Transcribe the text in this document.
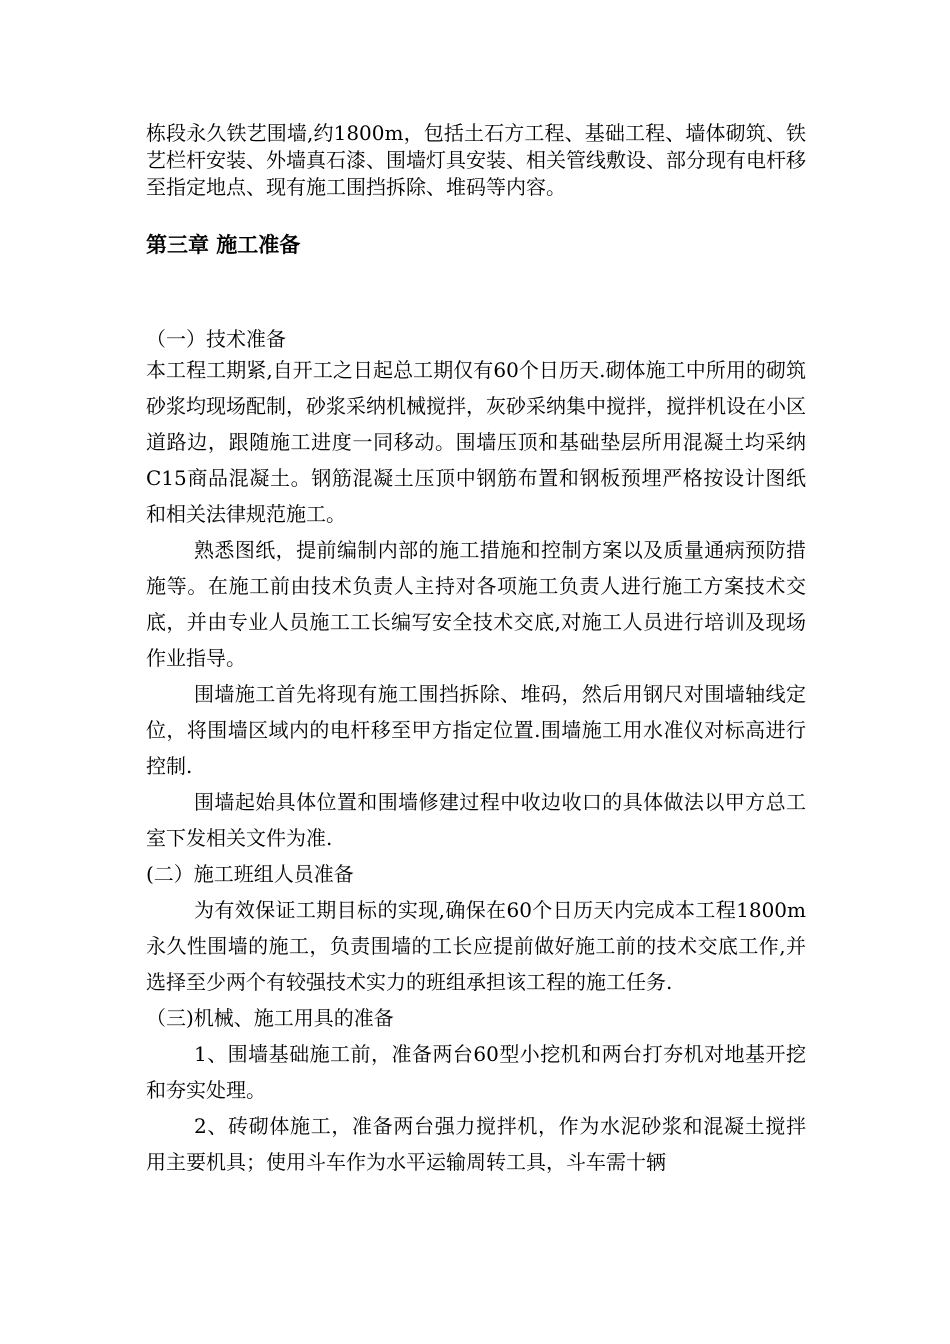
栋段永久铁艺围墙,约1800m，包括土石方工程、基础工程、墙体砌筑、铁艺栏杆安装、外墙真石漆、围墙灯具安装、相关管线敷设、部分现有电杆移至指定地点、现有施工围挡拆除、堆码等内容。

第三章 施工准备

（一）技术准备

本工程工期紧,自开工之日起总工期仅有60个日历天.砌体施工中所用的砌筑砂浆均现场配制，砂浆采纳机械搅拌，灰砂采纳集中搅拌，搅拌机设在小区道路边，跟随施工进度一同移动。围墙压顶和基础垫层所用混凝土均采纳C15商品混凝土。钢筋混凝土压顶中钢筋布置和钢板预埋严格按设计图纸和相关法律规范施工。

熟悉图纸，提前编制内部的施工措施和控制方案以及质量通病预防措施等。在施工前由技术负责人主持对各项施工负责人进行施工方案技术交底，并由专业人员施工工长编写安全技术交底,对施工人员进行培训及现场作业指导。

围墙施工首先将现有施工围挡拆除、堆码，然后用钢尺对围墙轴线定位，将围墙区域内的电杆移至甲方指定位置.围墙施工用水准仪对标高进行控制.

围墙起始具体位置和围墙修建过程中收边收口的具体做法以甲方总工室下发相关文件为准.

(二）施工班组人员准备

为有效保证工期目标的实现,确保在60个日历天内完成本工程1800m永久性围墙的施工，负责围墙的工长应提前做好施工前的技术交底工作,并选择至少两个有较强技术实力的班组承担该工程的施工任务.

（三)机械、施工用具的准备

1、围墙基础施工前，准备两台60型小挖机和两台打夯机对地基开挖和夯实处理。

2、砖砌体施工，准备两台强力搅拌机，作为水泥砂浆和混凝土搅拌用主要机具；使用斗车作为水平运输周转工具，斗车需十辆
